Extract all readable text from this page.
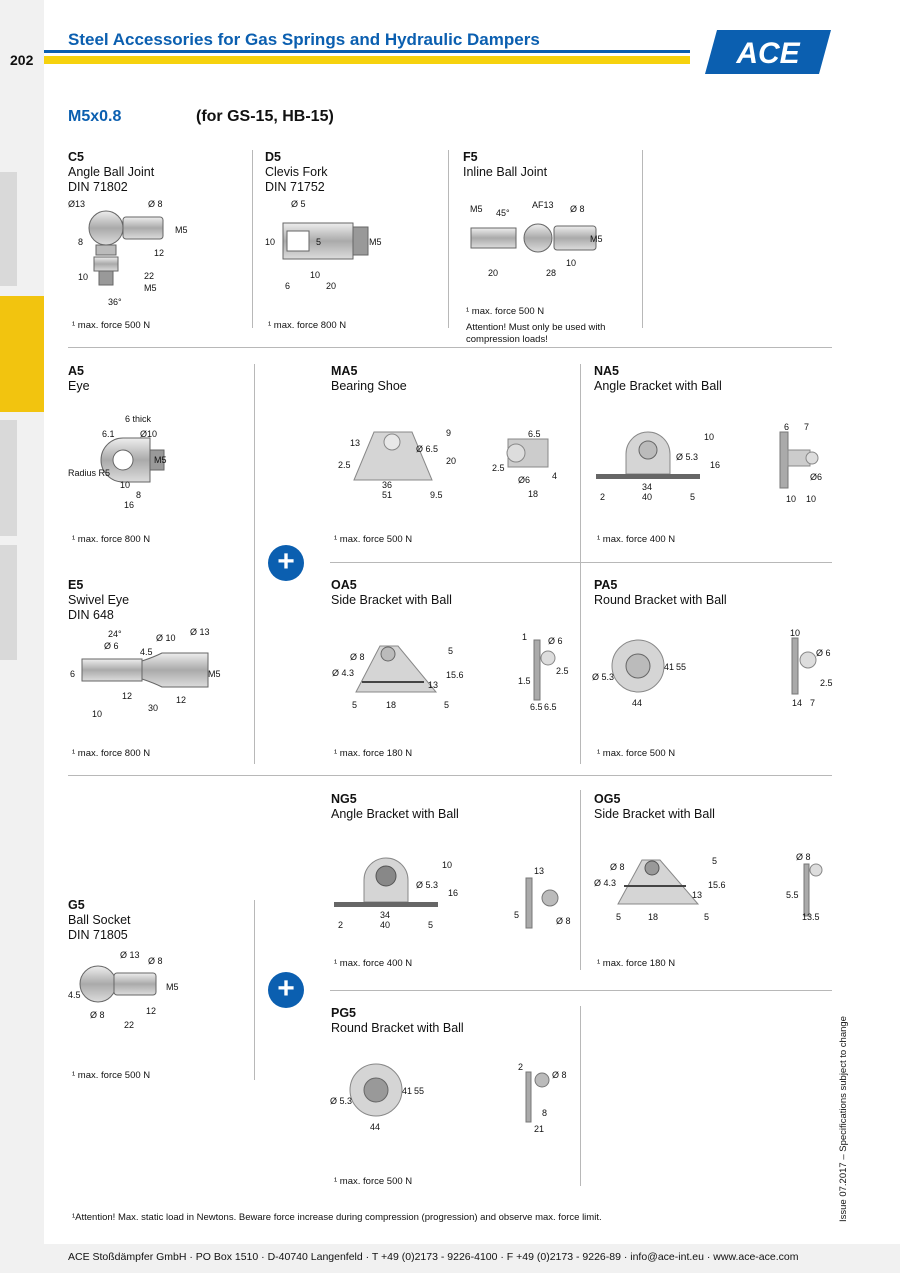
202
Steel Accessories for Gas Springs and Hydraulic Dampers	ACE
M5x0.8	(for GS-15, HB-15)
+
+
C5
Angle Ball Joint
DIN 71802
Ø13	Ø 8
M5
8
12
10	22
M5
36°
¹ max. force 500 N
D5
Clevis Fork
DIN 71752
Ø 5
10	5	M5
10
6	20
¹ max. force 800 N
F5
Inline Ball Joint
M5 45°
AF13 Ø 8
M5
10
20	28
¹ max. force 500 N
Attention! Must only be used with compression loads!
A5
Eye
6 thick
6.1	Ø10
M5
Radius R5
10
8
16
¹ max. force 800 N
MA5
Bearing Shoe
9
13
Ø 6.5
20
2.5
36
51	9.5
6.5
2.5
Ø6 4
18
¹ max. force 500 N
NA5
Angle Bracket with Ball
10
Ø 5.3
16
34
40
2	5
6 7
Ø6
10 10
¹ max. force 400 N
E5
Swivel Eye
DIN 648
24°
Ø 6
Ø 10
Ø 13
4.5
6	M5
12	12
10
30
¹ max. force 800 N
OA5
Side Bracket with Ball
Ø 8
5
Ø 4.3	15.6
13
5	18	5
1 Ø 6
2.5
1.5
6.5 6.5
¹ max. force 180 N
PA5
Round Bracket with Ball
41 55
Ø 5.3
44
10
Ø 6
2.5
14 7
¹ max. force 500 N
NG5
Angle Bracket with Ball
10
Ø 5.3
16
34
40
2	5
13
5
Ø 8
¹ max. force 400 N
OG5
Side Bracket with Ball
5
Ø 8
Ø 4.3	15.6
13
5	18	5
Ø 8
5.5
13.5
¹ max. force 180 N
G5
Ball Socket
DIN 71805
Ø 13
Ø 8
M5
4.5
12
Ø 8
22
¹ max. force 500 N
PG5
Round Bracket with Ball
41 55
Ø 5.3
44
2
Ø 8
8
21
¹ max. force 500 N
¹Attention! Max. static load in Newtons. Beware force increase during compression (progression) and observe max. force limit.	Issue 07.2017 – Specifications subject to change
ACE Stoßdämpfer GmbH · PO Box 1510 · D-40740 Langenfeld · T +49 (0)2173 - 9226-4100 · F +49 (0)2173 - 9226-89 · info@ace-int.eu · www.ace-ace.com
